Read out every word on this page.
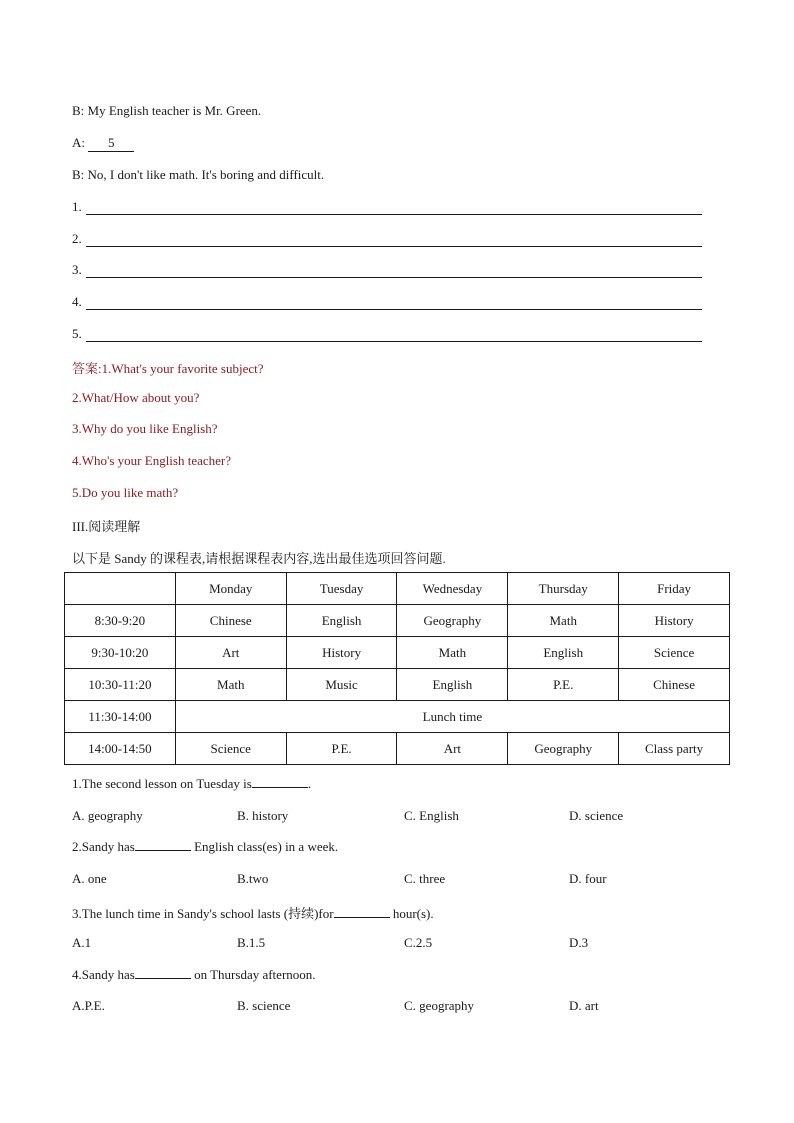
B: My English teacher is Mr. Green.
A: 5
B: No, I don't like math. It's boring and difficult.
1.
2.
3.
4.
5.
答案:1.What's your favorite subject?
2.What/How about you?
3.Why do you like English?
4.Who's your English teacher?
5.Do you like math?
III.阅读理解
以下是 Sandy 的课程表,请根据课程表内容,选出最佳选项回答问题.
	Monday	Tuesday	Wednesday	Thursday	Friday
8:30-9:20	Chinese	English	Geography	Math	History
9:30-10:20	Art	History	Math	English	Science
10:30-11:20	Math	Music	English	P.E.	Chinese
11:30-14:00	Lunch time				
14:00-14:50	Science	P.E.	Art	Geography	Class party
1.The second lesson on Tuesday is	.
A. geography	B. history	C. English	D. science
2.Sandy has	English class(es) in a week.
A. one	B.two	C. three	D. four
3.The lunch time in Sandy's school lasts (持续)for	hour(s).
A.1	B.1.5	C.2.5	D.3
4.Sandy has	on Thursday afternoon.
A.P.E.	B. science	C. geography	D. art
